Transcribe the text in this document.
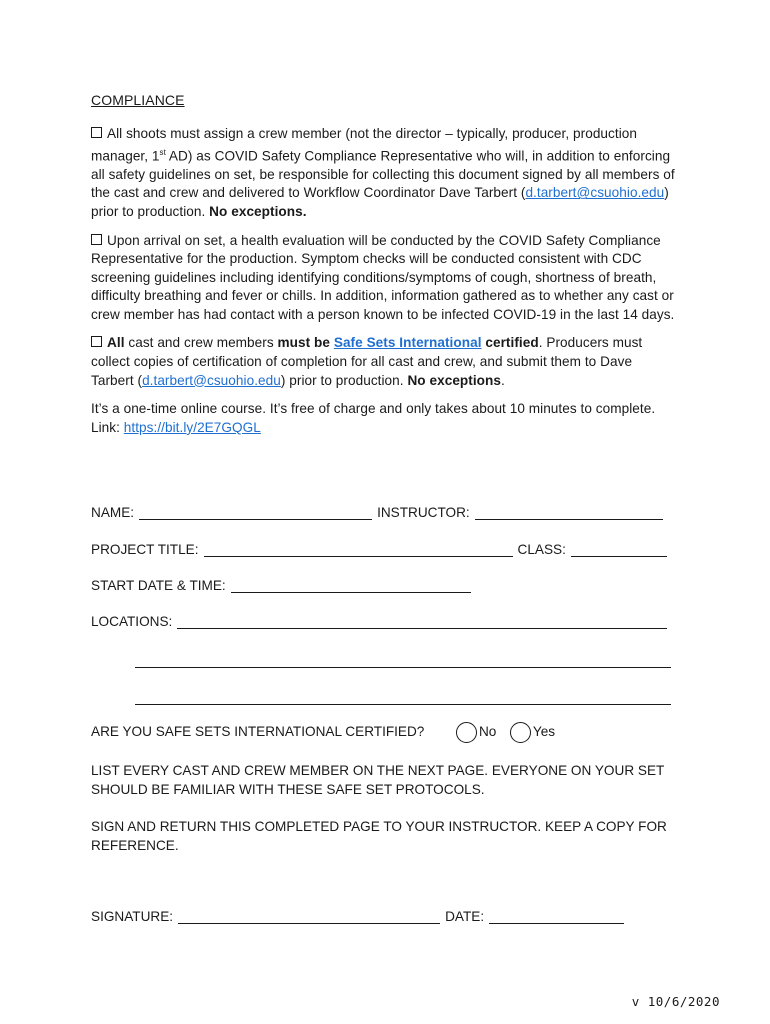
COMPLIANCE

All shoots must assign a crew member (not the director – typically, producer, production manager, 1st AD) as COVID Safety Compliance Representative who will, in addition to enforcing all safety guidelines on set, be responsible for collecting this document signed by all members of the cast and crew and delivered to Workflow Coordinator Dave Tarbert (d.tarbert@csuohio.edu) prior to production. No exceptions.

Upon arrival on set, a health evaluation will be conducted by the COVID Safety Compliance Representative for the production. Symptom checks will be conducted consistent with CDC screening guidelines including identifying conditions/symptoms of cough, shortness of breath, difficulty breathing and fever or chills. In addition, information gathered as to whether any cast or crew member has had contact with a person known to be infected COVID-19 in the last 14 days.

All cast and crew members must be Safe Sets International certified. Producers must collect copies of certification of completion for all cast and crew, and submit them to Dave Tarbert (d.tarbert@csuohio.edu) prior to production. No exceptions.

It’s a one-time online course. It’s free of charge and only takes about 10 minutes to complete. Link: https://bit.ly/2E7GQGL

NAME:	INSTRUCTOR:
PROJECT TITLE:	CLASS:
START DATE & TIME:
LOCATIONS:
ARE YOU SAFE SETS INTERNATIONAL CERTIFIED?	No	Yes
LIST EVERY CAST AND CREW MEMBER ON THE NEXT PAGE. EVERYONE ON YOUR SET SHOULD BE FAMILIAR WITH THESE SAFE SET PROTOCOLS.
SIGN AND RETURN THIS COMPLETED PAGE TO YOUR INSTRUCTOR. KEEP A COPY FOR REFERENCE.
SIGNATURE:	DATE:
v 10/6/2020
